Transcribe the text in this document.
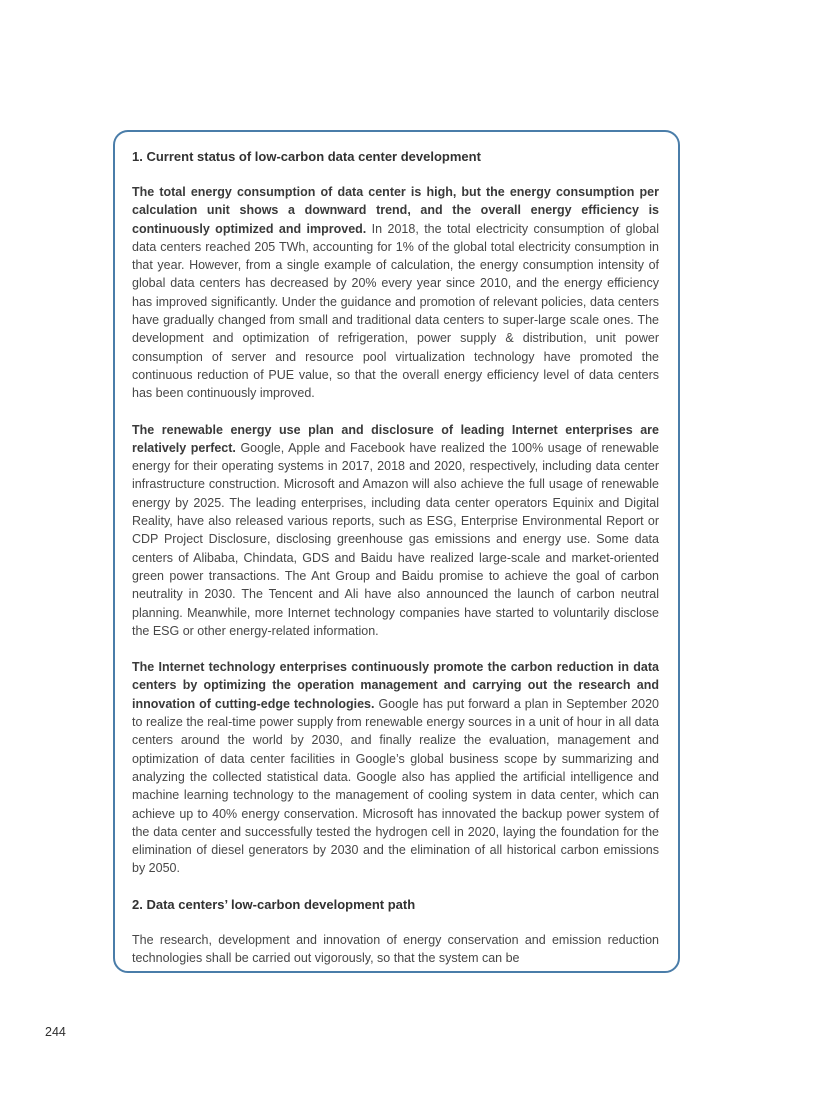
1. Current status of low-carbon data center development

The total energy consumption of data center is high, but the energy consumption per calculation unit shows a downward trend, and the overall energy efficiency is continuously optimized and improved. In 2018, the total electricity consumption of global data centers reached 205 TWh, accounting for 1% of the global total electricity consumption in that year. However, from a single example of calculation, the energy consumption intensity of global data centers has decreased by 20% every year since 2010, and the energy efficiency has improved significantly. Under the guidance and promotion of relevant policies, data centers have gradually changed from small and traditional data centers to super-large scale ones. The development and optimization of refrigeration, power supply & distribution, unit power consumption of server and resource pool virtualization technology have promoted the continuous reduction of PUE value, so that the overall energy efficiency level of data centers has been continuously improved.

The renewable energy use plan and disclosure of leading Internet enterprises are relatively perfect. Google, Apple and Facebook have realized the 100% usage of renewable energy for their operating systems in 2017, 2018 and 2020, respectively, including data center infrastructure construction. Microsoft and Amazon will also achieve the full usage of renewable energy by 2025. The leading enterprises, including data center operators Equinix and Digital Reality, have also released various reports, such as ESG, Enterprise Environmental Report or CDP Project Disclosure, disclosing greenhouse gas emissions and energy use. Some data centers of Alibaba, Chindata, GDS and Baidu have realized large-scale and market-oriented green power transactions. The Ant Group and Baidu promise to achieve the goal of carbon neutrality in 2030. The Tencent and Ali have also announced the launch of carbon neutral planning. Meanwhile, more Internet technology companies have started to voluntarily disclose the ESG or other energy-related information.

The Internet technology enterprises continuously promote the carbon reduction in data centers by optimizing the operation management and carrying out the research and innovation of cutting-edge technologies. Google has put forward a plan in September 2020 to realize the real-time power supply from renewable energy sources in a unit of hour in all data centers around the world by 2030, and finally realize the evaluation, management and optimization of data center facilities in Google’s global business scope by summarizing and analyzing the collected statistical data. Google also has applied the artificial intelligence and machine learning technology to the management of cooling system in data center, which can achieve up to 40% energy conservation. Microsoft has innovated the backup power system of the data center and successfully tested the hydrogen cell in 2020, laying the foundation for the elimination of diesel generators by 2030 and the elimination of all historical carbon emissions by 2050.

2. Data centers’ low-carbon development path

The research, development and innovation of energy conservation and emission reduction technologies shall be carried out vigorously, so that the system can be

244
